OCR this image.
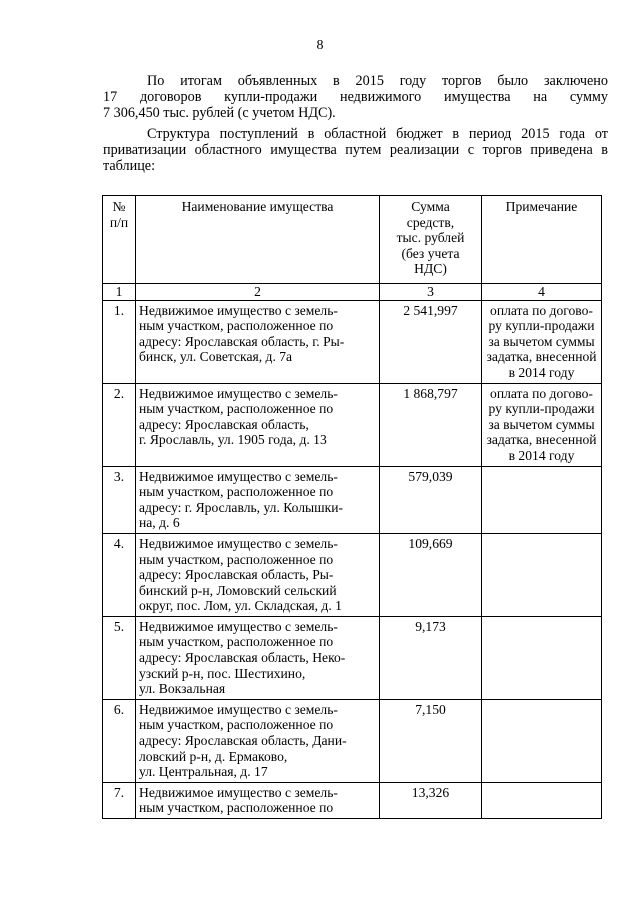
8

По итогам объявленных в 2015 году торгов было заключено
17 договоров купли-продажи недвижимого имущества на сумму
7 306,450 тыс. рублей (с учетом НДС).

Структура поступлений в областной бюджет в период 2015 года от
приватизации областного имущества путем реализации с торгов приведена в
таблице:

№
п/п	Наименование имущества	Сумма
средств,
тыс. рублей
(без учета
НДС)	Примечание
1	2	3	4
1.	Недвижимое имущество с земель-
ным участком, расположенное по
адресу: Ярославская область, г. Ры-
бинск, ул. Советская, д. 7а	2 541,997	оплата по догово-
ру купли-продажи
за вычетом суммы
задатка, внесенной
в 2014 году

2.	Недвижимое имущество с земель-
ным участком, расположенное по
адресу: Ярославская область,
г. Ярославль, ул. 1905 года, д. 13	1 868,797	оплата по догово-
ру купли-продажи
за вычетом суммы
задатка, внесенной
в 2014 году

3.	Недвижимое имущество с земель-
ным участком, расположенное по
адресу: г. Ярославль, ул. Колышки-
на, д. 6	579,039	
4.	Недвижимое имущество с земель-
ным участком, расположенное по
адресу: Ярославская область, Ры-
бинский р-н, Ломовский сельский
округ, пос. Лом, ул. Складская, д. 1	109,669	
5.	Недвижимое имущество с земель-
ным участком, расположенное по
адресу: Ярославская область, Неко-
узский р-н, пос. Шестихино,
ул. Вокзальная	9,173	
6.	Недвижимое имущество с земель-
ным участком, расположенное по
адресу: Ярославская область, Дани-
ловский р-н, д. Ермаково,
ул. Центральная, д. 17	7,150	
7.	Недвижимое имущество с земель-
ным участком, расположенное по	13,326	
